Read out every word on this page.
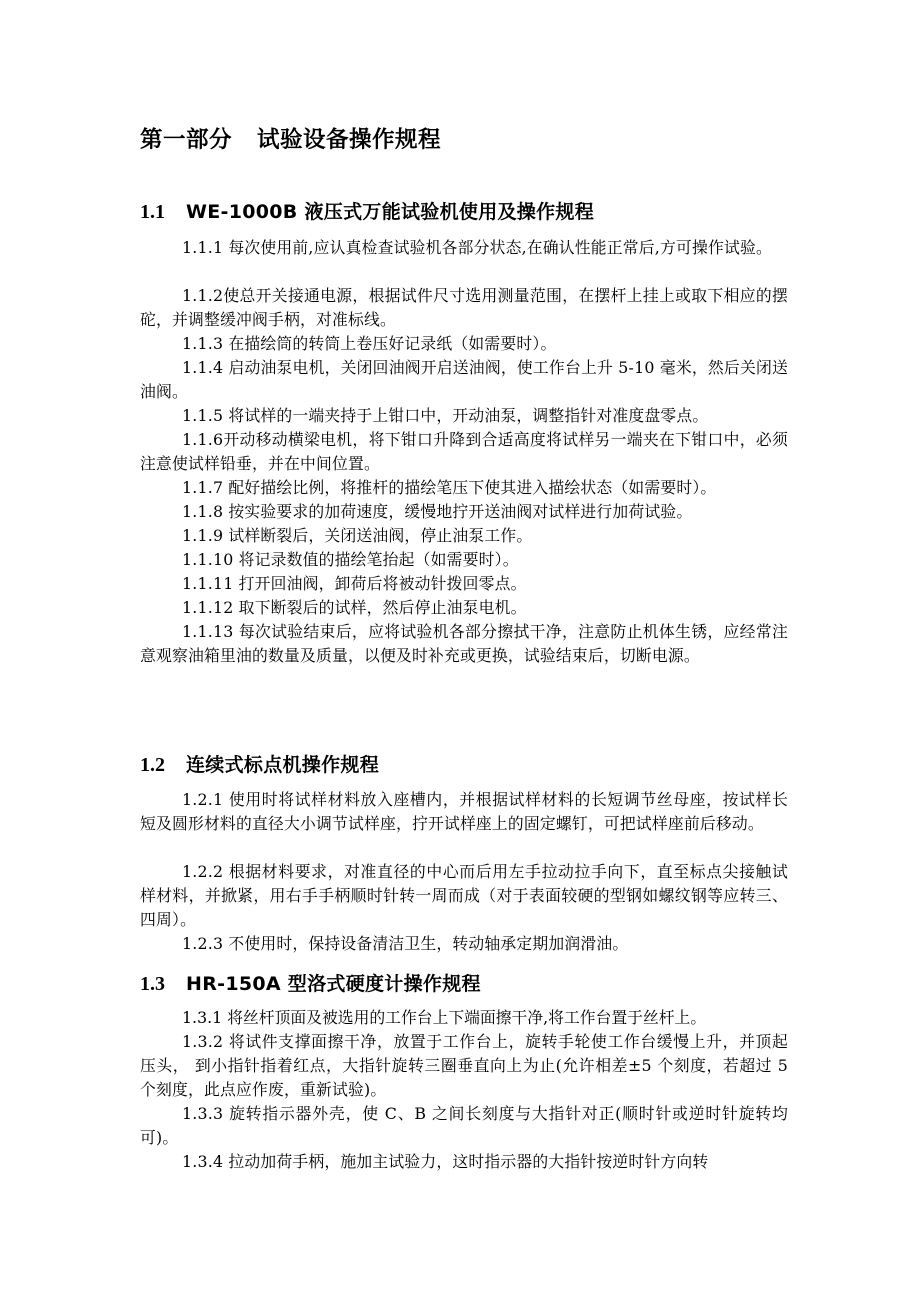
第一部分   试验设备操作规程
1.1 WE-1000B 液压式万能试验机使用及操作规程
1.1.1 每次使用前,应认真检查试验机各部分状态,在确认性能正常后,方可操作试验。
1.1.2使总开关接通电源，根据试件尺寸选用测量范围，在摆杆上挂上或取下相应的摆砣，并调整缓冲阀手柄，对准标线。
1.1.3 在描绘筒的转筒上卷压好记录纸（如需要时）。
1.1.4 启动油泵电机，关闭回油阀开启送油阀，使工作台上升 5-10 毫米，然后关闭送油阀。
1.1.5 将试样的一端夹持于上钳口中，开动油泵，调整指针对准度盘零点。
1.1.6开动移动横梁电机，将下钳口升降到合适高度将试样另一端夹在下钳口中，必须注意使试样铅垂，并在中间位置。
1.1.7 配好描绘比例，将推杆的描绘笔压下使其进入描绘状态（如需要时）。
1.1.8 按实验要求的加荷速度，缓慢地拧开送油阀对试样进行加荷试验。
1.1.9 试样断裂后，关闭送油阀，停止油泵工作。
1.1.10 将记录数值的描绘笔抬起（如需要时）。
1.1.11 打开回油阀，卸荷后将被动针拨回零点。
1.1.12 取下断裂后的试样，然后停止油泵电机。
1.1.13 每次试验结束后，应将试验机各部分擦拭干净，注意防止机体生锈，应经常注意观察油箱里油的数量及质量，以便及时补充或更换，试验结束后，切断电源。
1.2 连续式标点机操作规程
1.2.1 使用时将试样材料放入座槽内，并根据试样材料的长短调节丝母座，按试样长短及圆形材料的直径大小调节试样座，拧开试样座上的固定螺钉，可把试样座前后移动。
1.2.2 根据材料要求，对准直径的中心而后用左手拉动拉手向下，直至标点尖接触试样材料，并掀紧，用右手手柄顺时针转一周而成（对于表面较硬的型钢如螺纹钢等应转三、四周）。
1.2.3 不使用时，保持设备清洁卫生，转动轴承定期加润滑油。
1.3 HR-150A 型洛式硬度计操作规程
1.3.1 将丝杆顶面及被选用的工作台上下端面擦干净,将工作台置于丝杆上。
1.3.2 将试件支撑面擦干净，放置于工作台上，旋转手轮使工作台缓慢上升，并顶起压头， 到小指针指着红点，大指针旋转三圈垂直向上为止(允许相差±5 个刻度，若超过 5 个刻度，此点应作废，重新试验)。
1.3.3 旋转指示器外壳，使 C、B 之间长刻度与大指针对正(顺时针或逆时针旋转均可)。
1.3.4 拉动加荷手柄，施加主试验力，这时指示器的大指针按逆时针方向转
